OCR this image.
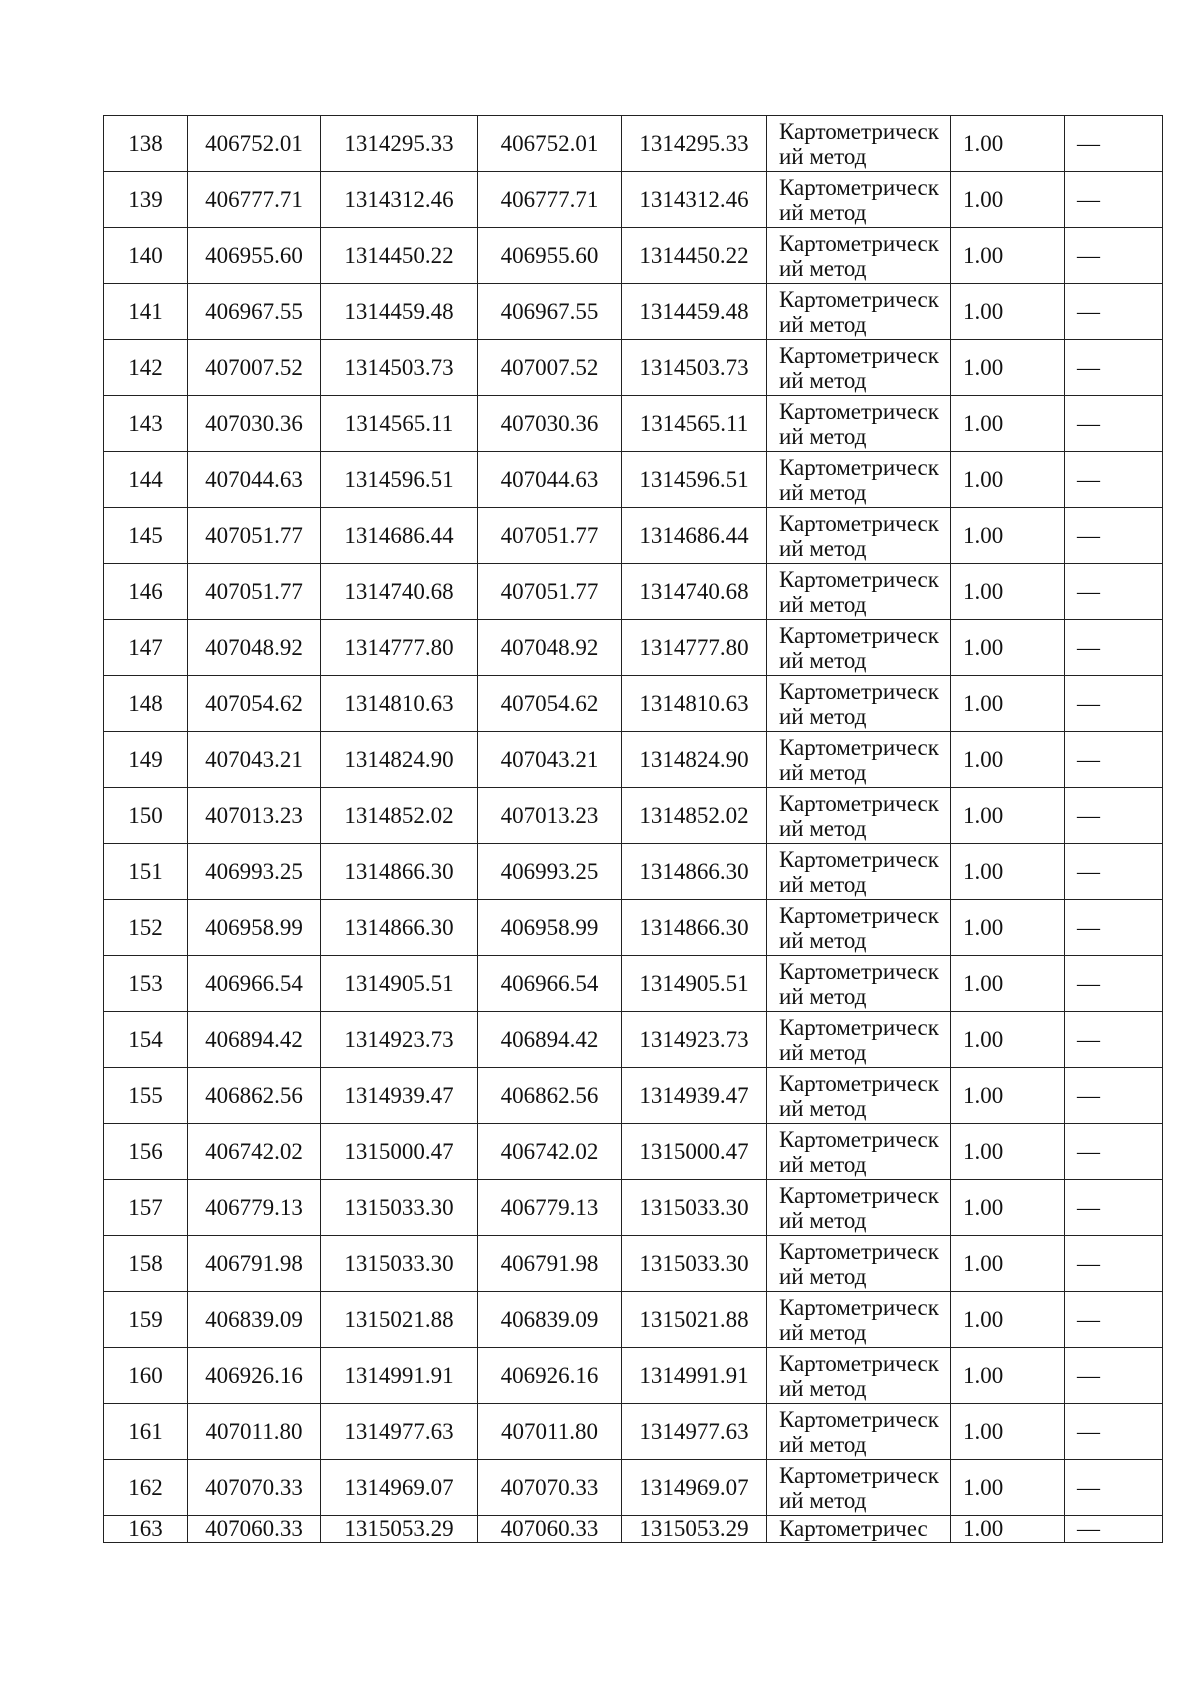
138	406752.01	1314295.33	406752.01	1314295.33	Картометрический метод	1.00	—
139	406777.71	1314312.46	406777.71	1314312.46	Картометрический метод	1.00	—
140	406955.60	1314450.22	406955.60	1314450.22	Картометрический метод	1.00	—
141	406967.55	1314459.48	406967.55	1314459.48	Картометрический метод	1.00	—
142	407007.52	1314503.73	407007.52	1314503.73	Картометрический метод	1.00	—
143	407030.36	1314565.11	407030.36	1314565.11	Картометрический метод	1.00	—
144	407044.63	1314596.51	407044.63	1314596.51	Картометрический метод	1.00	—
145	407051.77	1314686.44	407051.77	1314686.44	Картометрический метод	1.00	—
146	407051.77	1314740.68	407051.77	1314740.68	Картометрический метод	1.00	—
147	407048.92	1314777.80	407048.92	1314777.80	Картометрический метод	1.00	—
148	407054.62	1314810.63	407054.62	1314810.63	Картометрический метод	1.00	—
149	407043.21	1314824.90	407043.21	1314824.90	Картометрический метод	1.00	—
150	407013.23	1314852.02	407013.23	1314852.02	Картометрический метод	1.00	—
151	406993.25	1314866.30	406993.25	1314866.30	Картометрический метод	1.00	—
152	406958.99	1314866.30	406958.99	1314866.30	Картометрический метод	1.00	—
153	406966.54	1314905.51	406966.54	1314905.51	Картометрический метод	1.00	—
154	406894.42	1314923.73	406894.42	1314923.73	Картометрический метод	1.00	—
155	406862.56	1314939.47	406862.56	1314939.47	Картометрический метод	1.00	—
156	406742.02	1315000.47	406742.02	1315000.47	Картометрический метод	1.00	—
157	406779.13	1315033.30	406779.13	1315033.30	Картометрический метод	1.00	—
158	406791.98	1315033.30	406791.98	1315033.30	Картометрический метод	1.00	—
159	406839.09	1315021.88	406839.09	1315021.88	Картометрический метод	1.00	—
160	406926.16	1314991.91	406926.16	1314991.91	Картометрический метод	1.00	—
161	407011.80	1314977.63	407011.80	1314977.63	Картометрический метод	1.00	—
162	407070.33	1314969.07	407070.33	1314969.07	Картометрический метод	1.00	—
163	407060.33	1315053.29	407060.33	1315053.29	Картометричес	1.00	—
